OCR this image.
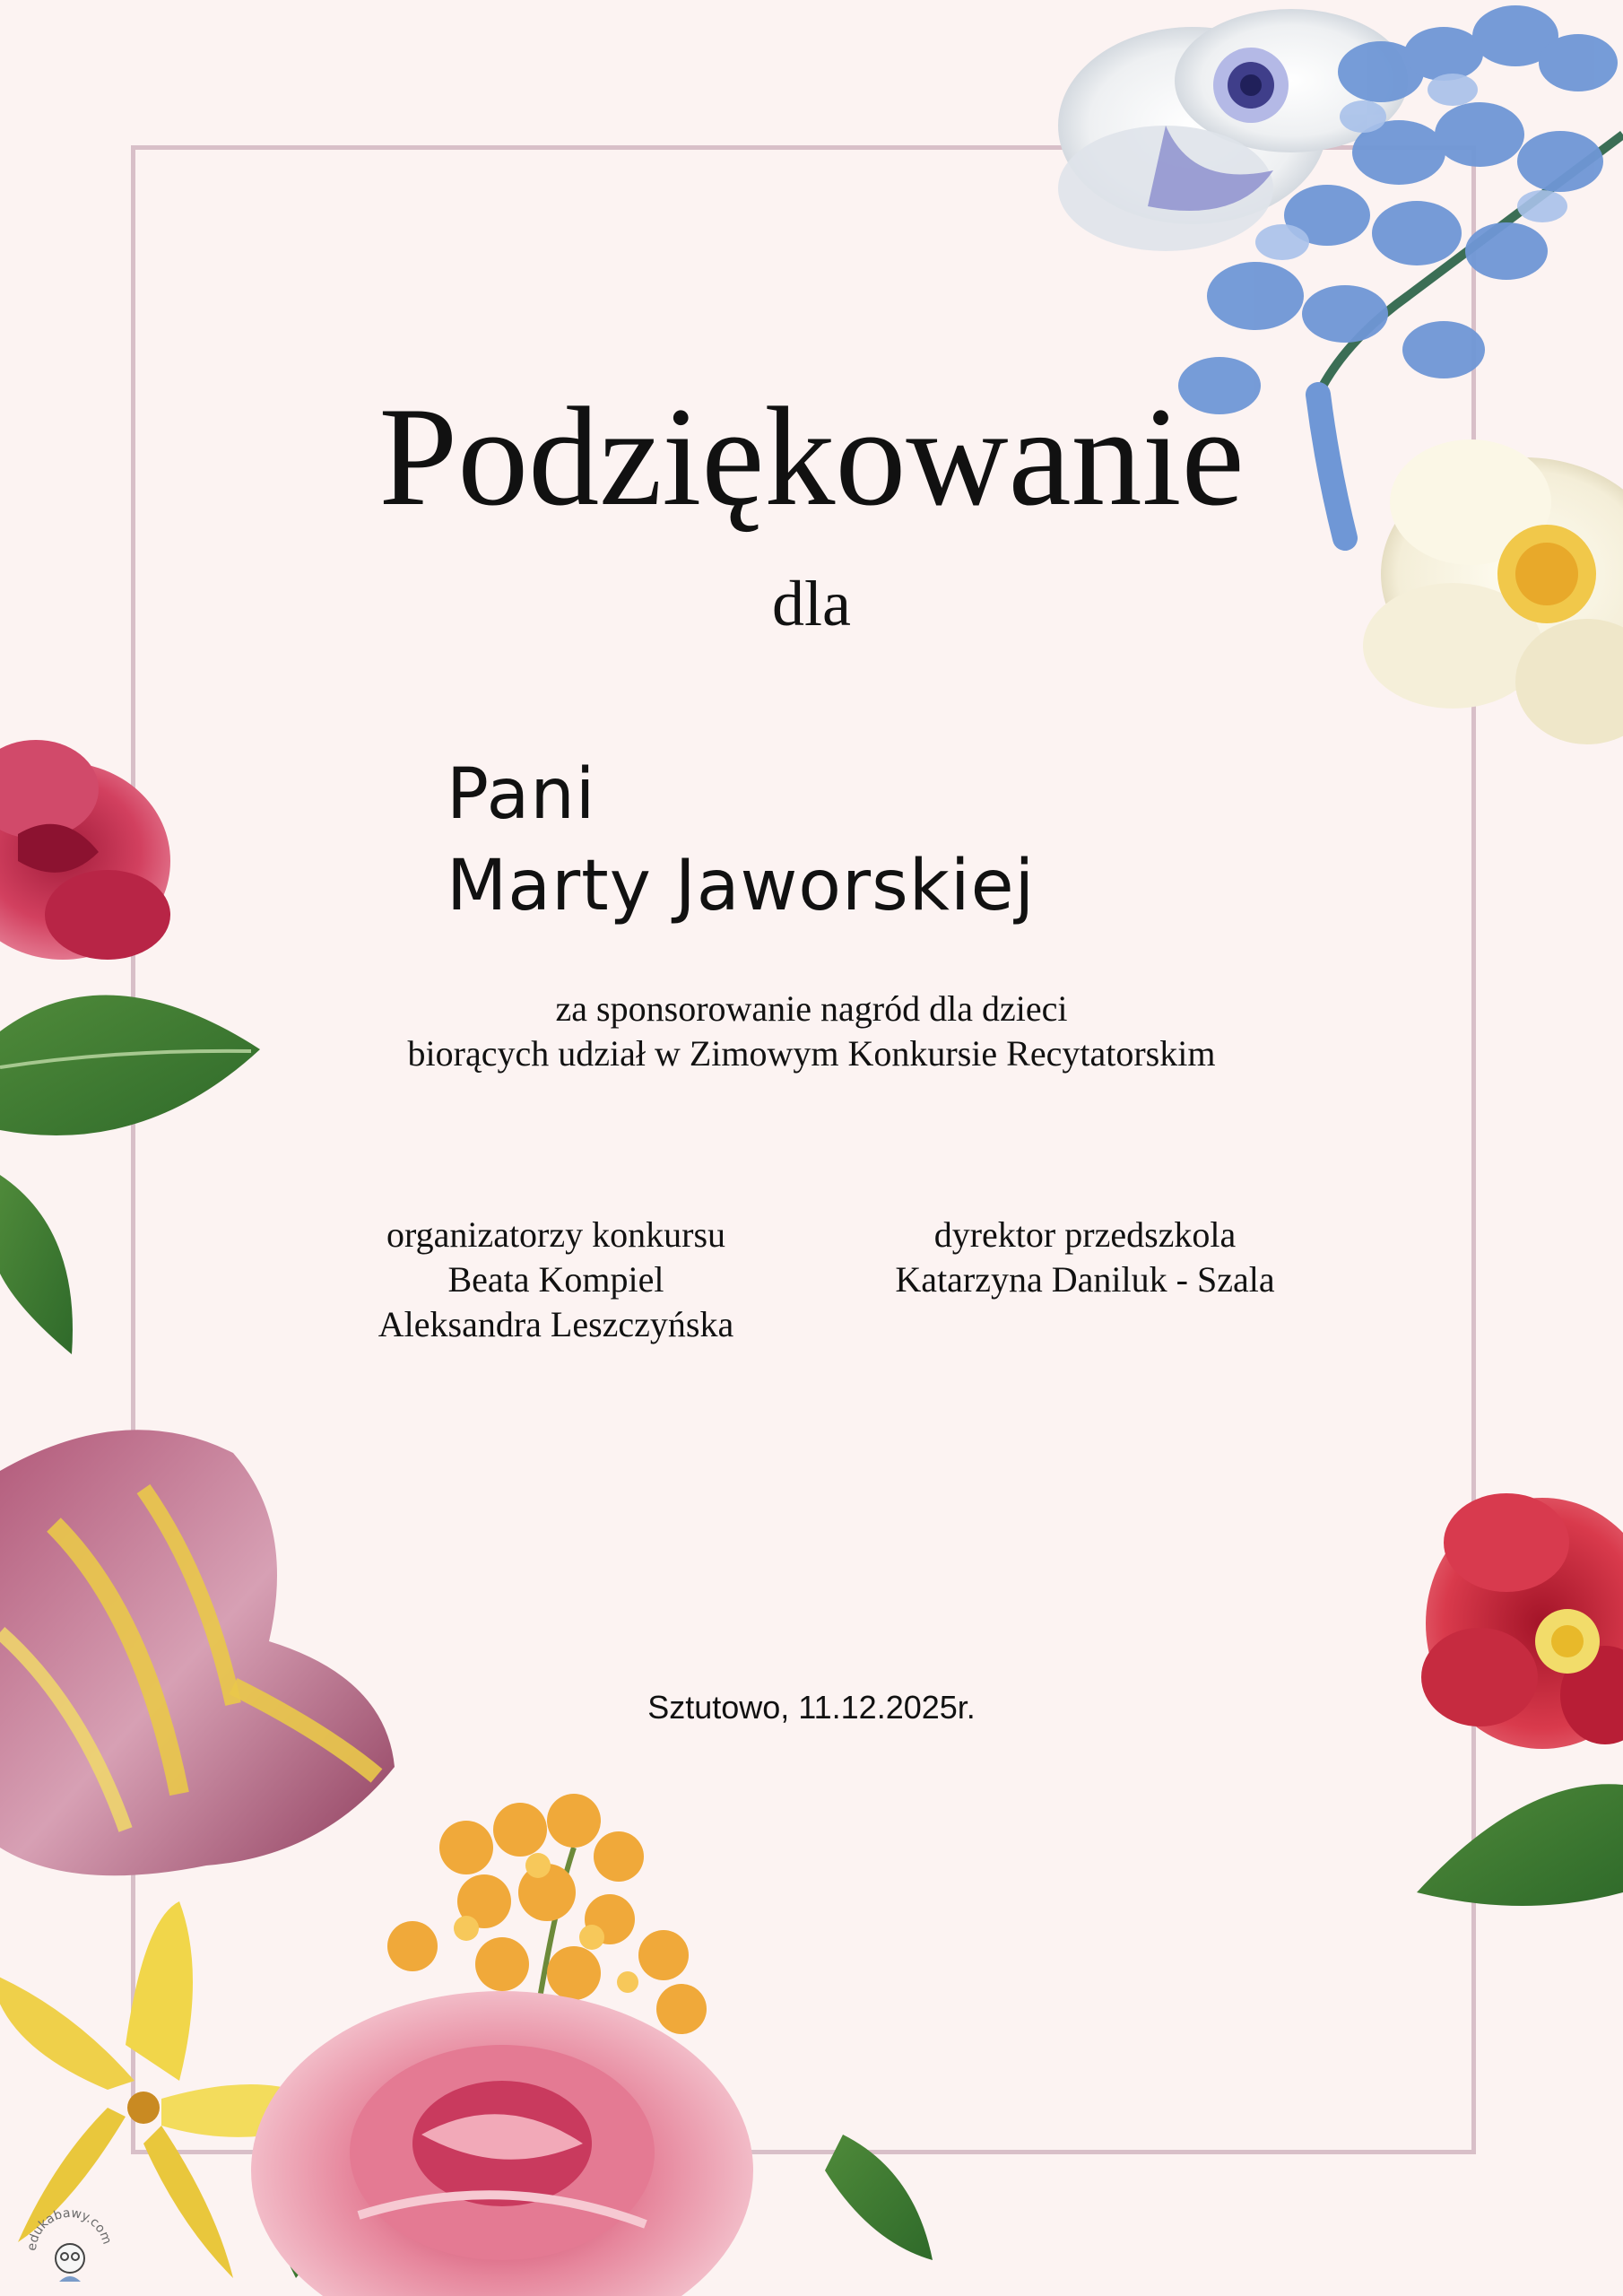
Podziękowanie
dla
Pani
Marty Jaworskiej
za sponsorowanie nagród dla dzieci
biorących udział w Zimowym Konkursie Recytatorskim
organizatorzy konkursu
Beata Kompiel
Aleksandra Leszczyńska
dyrektor przedszkola
Katarzyna Daniluk - Szala
Sztutowo, 11.12.2025r.
edukabawy.com
